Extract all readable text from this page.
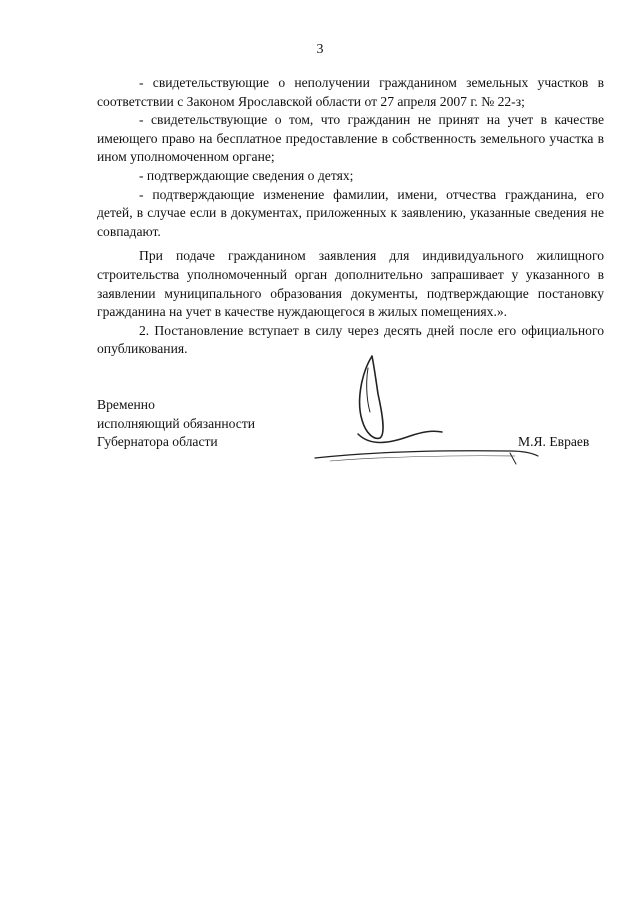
3

- свидетельствующие о неполучении гражданином земельных участков в соответствии с Законом Ярославской области от 27 апреля 2007 г. № 22-з;

- свидетельствующие о том, что гражданин не принят на учет в качестве имеющего право на бесплатное предоставление в собственность земельного участка в ином уполномоченном органе;

- подтверждающие сведения о детях;

- подтверждающие изменение фамилии, имени, отчества гражданина, его детей, в случае если в документах, приложенных к заявлению, указанные сведения не совпадают.

При подаче гражданином заявления для индивидуального жилищного строительства уполномоченный орган дополнительно запрашивает у указанного в заявлении муниципального образования документы, подтверждающие постановку гражданина на учет в качестве нуждающегося в жилых помещениях.».

2. Постановление вступает в силу через десять дней после его официального опубликования.

Временно
исполняющий обязанности
Губернатора области	М.Я. Евраев
